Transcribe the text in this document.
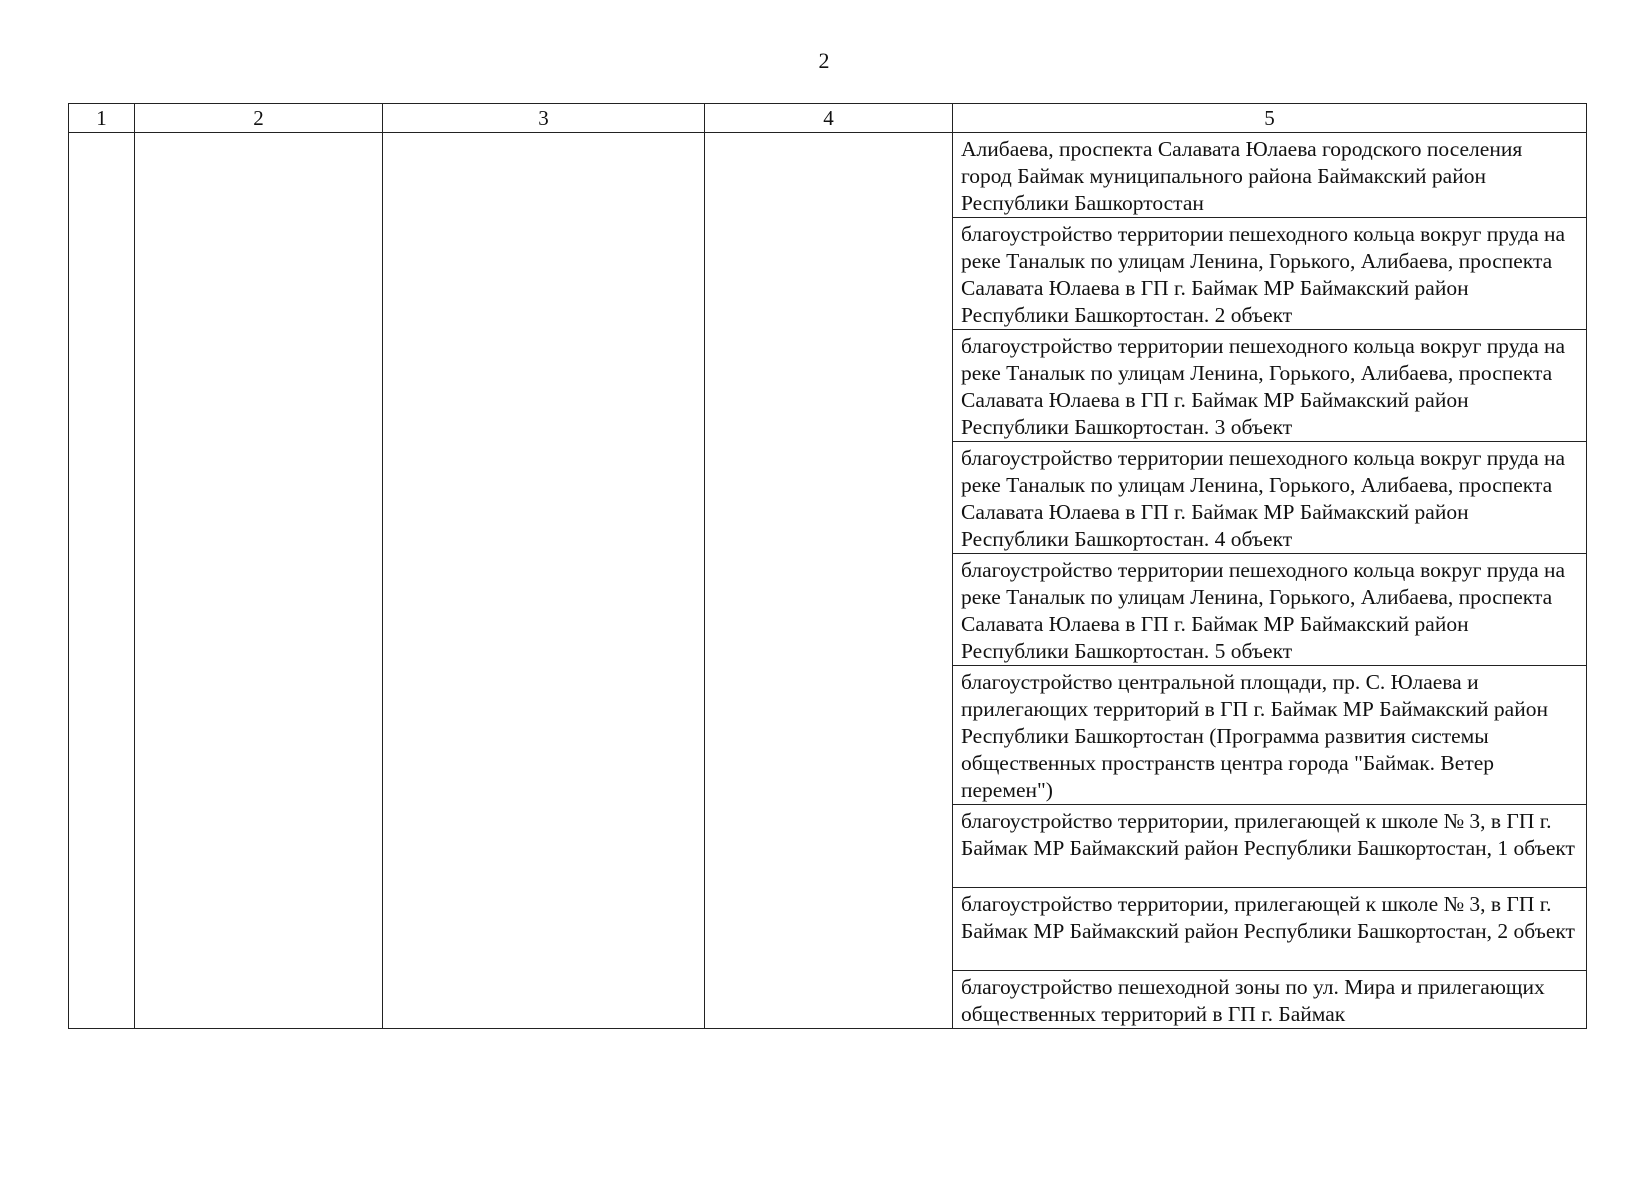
2
1	2	3	4	5
				Алибаева, проспекта Салавата Юлаева городского поселения город Баймак муниципального района Баймакский район Республики Башкортостан
				благоустройство территории пешеходного кольца вокруг пруда на реке Таналык по улицам Ленина, Горького, Алибаева, проспекта Салавата Юлаева в ГП г. Баймак МР Баймакский район Республики Башкортостан. 2 объект
				благоустройство территории пешеходного кольца вокруг пруда на реке Таналык по улицам Ленина, Горького, Алибаева, проспекта Салавата Юлаева в ГП г. Баймак МР Баймакский район Республики Башкортостан. 3 объект
				благоустройство территории пешеходного кольца вокруг пруда на реке Таналык по улицам Ленина, Горького, Алибаева, проспекта Салавата Юлаева в ГП г. Баймак МР Баймакский район Республики Башкортостан. 4 объект
				благоустройство территории пешеходного кольца вокруг пруда на реке Таналык по улицам Ленина, Горького, Алибаева, проспекта Салавата Юлаева в ГП г. Баймак МР Баймакский район Республики Башкортостан. 5 объект
				благоустройство центральной площади, пр. С. Юлаева и прилегающих территорий в ГП г. Баймак МР Баймакский район Республики Башкортостан (Программа развития системы общественных пространств центра города "Баймак. Ветер перемен")
				благоустройство территории, прилегающей к школе № 3, в ГП г. Баймак МР Баймакский район Республики Башкортостан, 1 объект
				благоустройство территории, прилегающей к школе № 3, в ГП г. Баймак МР Баймакский район Республики Башкортостан, 2 объект
				благоустройство пешеходной зоны по ул. Мира и прилегающих общественных территорий в ГП г. Баймак
